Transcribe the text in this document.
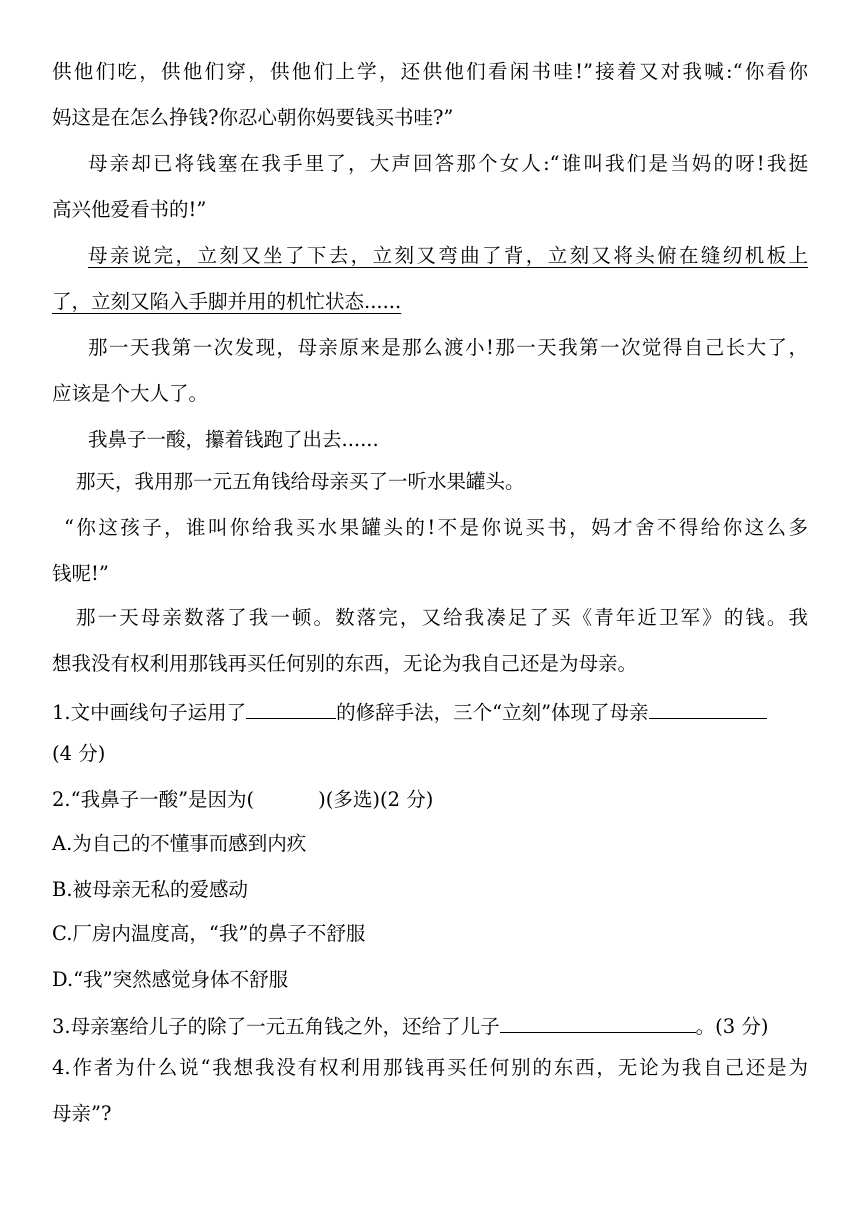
供他们吃，供他们穿，供他们上学，还供他们看闲书哇!”接着又对我喊:“你看你
妈这是在怎么挣钱?你忍心朝你妈要钱买书哇?”
母亲却已将钱塞在我手里了，大声回答那个女人:“谁叫我们是当妈的呀!我挺
高兴他爱看书的!”
母亲说完，立刻又坐了下去，立刻又弯曲了背，立刻又将头俯在缝纫机板上
了，立刻又陷入手脚并用的机忙状态......
那一天我第一次发现，母亲原来是那么渡小!那一天我第一次觉得自己长大了，
应该是个大人了。
我鼻子一酸，攥着钱跑了出去......
那天，我用那一元五角钱给母亲买了一听水果罐头。
“你这孩子，谁叫你给我买水果罐头的!不是你说买书，妈才舍不得给你这么多
钱呢!”
那一天母亲数落了我一顿。数落完，又给我凑足了买《青年近卫军》的钱。我
想我没有权利用那钱再买任何别的东西，无论为我自己还是为母亲。
1.文中画线句子运用了	的修辞手法，三个“立刻”体现了母亲
(4 分)
2.“我鼻子一酸”是因为(	)(多选)(2 分)
A.为自己的不懂事而感到内疚
B.被母亲无私的爱感动
C.厂房内温度高，“我”的鼻子不舒服
D.“我”突然感觉身体不舒服
3.母亲塞给儿子的除了一元五角钱之外，还给了儿子	。(3 分)
4.作者为什么说“我想我没有权利用那钱再买任何别的东西，无论为我自己还是为
母亲”?
